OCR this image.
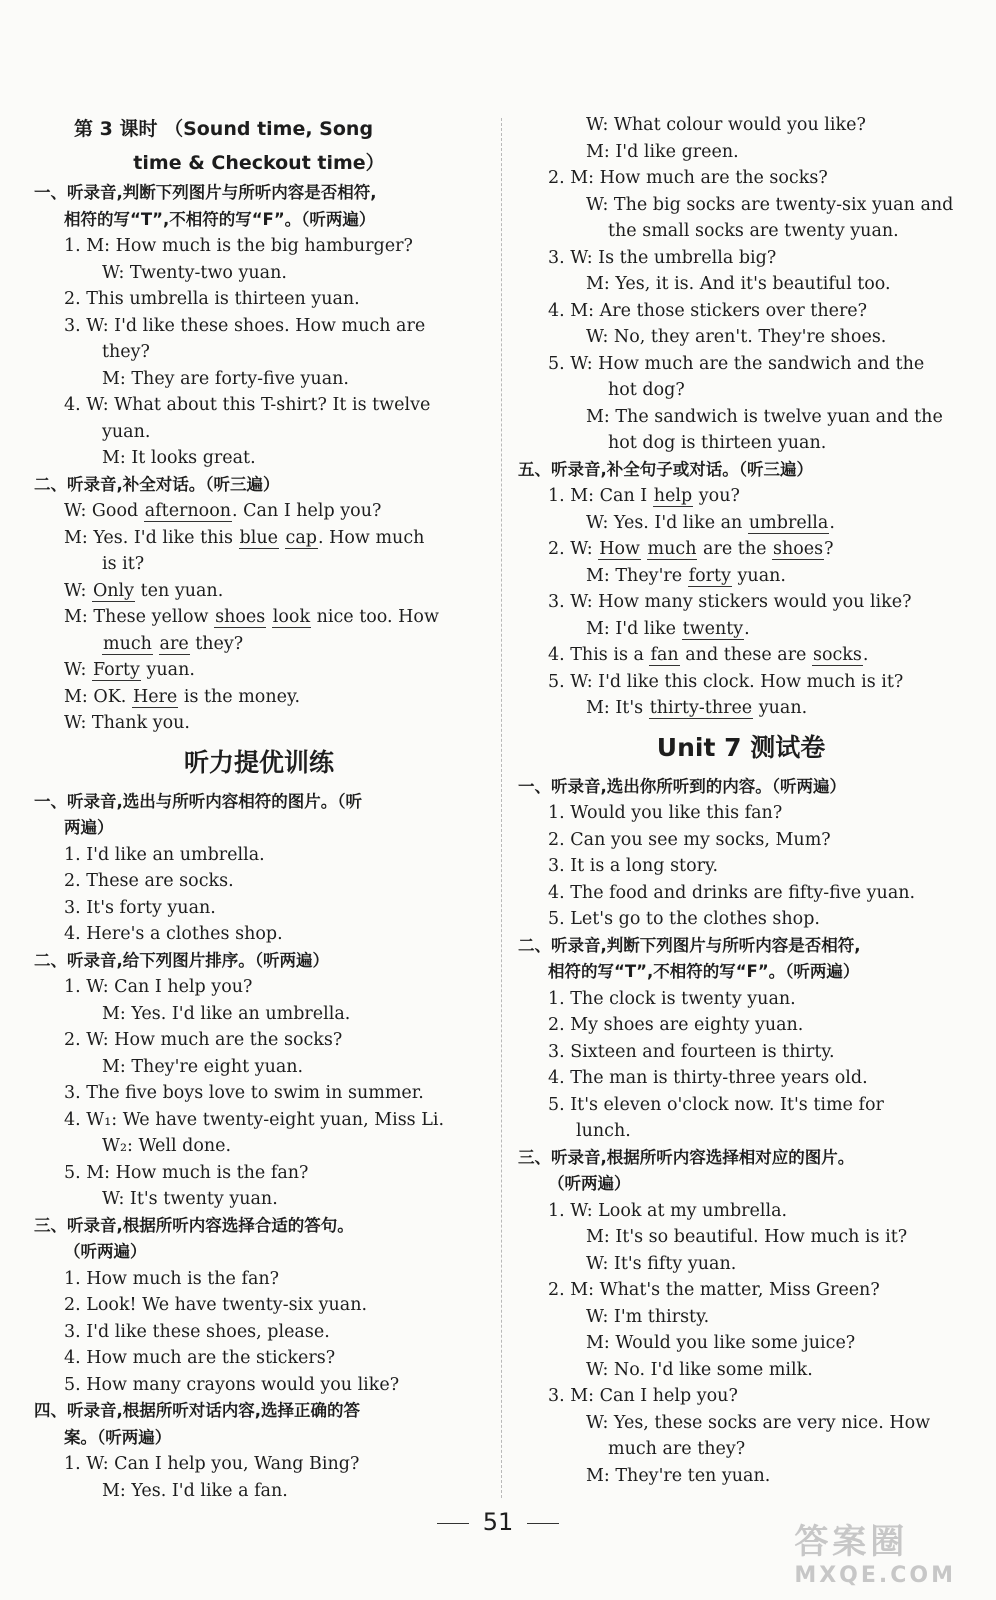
第 3 课时 （Sound time, Song
time & Checkout time）
一、听录音,判断下列图片与所听内容是否相符,
相符的写“T”,不相符的写“F”。（听两遍）
1. M: How much is the big hamburger?
W: Twenty-two yuan.
2. This umbrella is thirteen yuan.
3. W: I'd like these shoes. How much are
they?
M: They are forty-five yuan.
4. W: What about this T-shirt? It is twelve
yuan.
M: It looks great.
二、听录音,补全对话。（听三遍）
W: Good afternoon. Can I help you?
M: Yes. I'd like this blue cap. How much
is it?
W: Only ten yuan.
M: These yellow shoes look nice too. How
much are they?
W: Forty yuan.
M: OK. Here is the money.
W: Thank you.
听力提优训练
一、听录音,选出与所听内容相符的图片。（听
两遍）
1. I'd like an umbrella.
2. These are socks.
3. It's forty yuan.
4. Here's a clothes shop.
二、听录音,给下列图片排序。（听两遍）
1. W: Can I help you?
M: Yes. I'd like an umbrella.
2. W: How much are the socks?
M: They're eight yuan.
3. The five boys love to swim in summer.
4. W₁: We have twenty-eight yuan, Miss Li.
W₂: Well done.
5. M: How much is the fan?
W: It's twenty yuan.
三、听录音,根据所听内容选择合适的答句。
（听两遍）
1. How much is the fan?
2. Look! We have twenty-six yuan.
3. I'd like these shoes, please.
4. How much are the stickers?
5. How many crayons would you like?
四、听录音,根据所听对话内容,选择正确的答
案。（听两遍）
1. W: Can I help you, Wang Bing?
M: Yes. I'd like a fan.
W: What colour would you like?
M: I'd like green.
2. M: How much are the socks?
W: The big socks are twenty-six yuan and
the small socks are twenty yuan.
3. W: Is the umbrella big?
M: Yes, it is. And it's beautiful too.
4. M: Are those stickers over there?
W: No, they aren't. They're shoes.
5. W: How much are the sandwich and the
hot dog?
M: The sandwich is twelve yuan and the
hot dog is thirteen yuan.
五、听录音,补全句子或对话。（听三遍）
1. M: Can I help you?
W: Yes. I'd like an umbrella.
2. W: How much are the shoes?
M: They're forty yuan.
3. W: How many stickers would you like?
M: I'd like twenty.
4. This is a fan and these are socks.
5. W: I'd like this clock. How much is it?
M: It's thirty-three yuan.
Unit 7 测试卷
一、听录音,选出你所听到的内容。（听两遍）
1. Would you like this fan?
2. Can you see my socks, Mum?
3. It is a long story.
4. The food and drinks are fifty-five yuan.
5. Let's go to the clothes shop.
二、听录音,判断下列图片与所听内容是否相符,
相符的写“T”,不相符的写“F”。（听两遍）
1. The clock is twenty yuan.
2. My shoes are eighty yuan.
3. Sixteen and fourteen is thirty.
4. The man is thirty-three years old.
5. It's eleven o'clock now. It's time for
lunch.
三、听录音,根据所听内容选择相对应的图片。
（听两遍）
1. W: Look at my umbrella.
M: It's so beautiful. How much is it?
W: It's fifty yuan.
2. M: What's the matter, Miss Green?
W: I'm thirsty.
M: Would you like some juice?
W: No. I'd like some milk.
3. M: Can I help you?
W: Yes, these socks are very nice. How
much are they?
M: They're ten yuan.
51	答案圈
MXQE.COM
